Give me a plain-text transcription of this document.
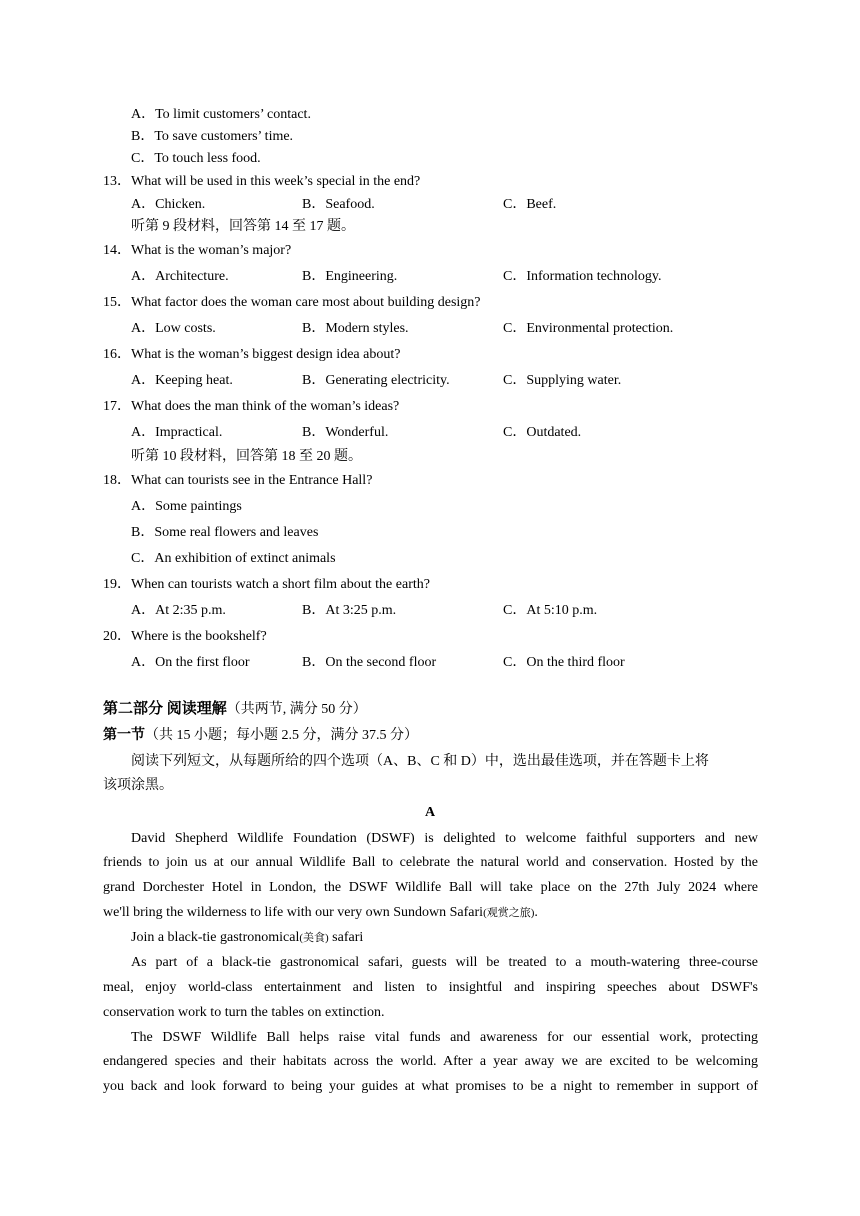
A．To limit customers’ contact.
B．To save customers’ time.
C．To touch less food.
13．What will be used in this week’s special in the end?
A．Chicken.	B．Seafood.	C．Beef.
听第 9 段材料，回答第 14 至 17 题。
14．What is the woman’s major?
A．Architecture.	B．Engineering.	C．Information technology.
15．What factor does the woman care most about building design?
A．Low costs.	B．Modern styles.	C．Environmental protection.
16．What is the woman’s biggest design idea about?
A．Keeping heat.	B．Generating electricity.	C．Supplying water.
17．What does the man think of the woman’s ideas?
A．Impractical.	B．Wonderful.	C．Outdated.
听第 10 段材料，回答第 18 至 20 题。
18．What can tourists see in the Entrance Hall?
A．Some paintings
B．Some real flowers and leaves
C．An exhibition of extinct animals
19．When can tourists watch a short film about the earth?
A．At 2:35 p.m.	B．At 3:25 p.m.	C．At 5:10 p.m.
20．Where is the bookshelf?
A．On the first floor	B．On the second floor	C．On the third floor
第二部分 阅读理解（共两节, 满分 50 分）
第一节（共 15 小题；每小题 2.5 分，满分 37.5 分）
阅读下列短文，从每题所给的四个选项（A、B、C 和 D）中，选出最佳选项，并在答题卡上将
该项涂黑。
A
David Shepherd Wildlife Foundation (DSWF) is delighted to welcome faithful supporters and new
friends to join us at our annual Wildlife Ball to celebrate the natural world and conservation. Hosted by the
grand Dorchester Hotel in London, the DSWF Wildlife Ball will take place on the 27th July 2024 where
we'll bring the wilderness to life with our very own Sundown Safari(观赏之旅).
Join a black-tie gastronomical(美食) safari
As part of a black-tie gastronomical safari, guests will be treated to a mouth-watering three-course
meal, enjoy world-class entertainment and listen to insightful and inspiring speeches about DSWF's
conservation work to turn the tables on extinction.
The DSWF Wildlife Ball helps raise vital funds and awareness for our essential work, protecting
endangered species and their habitats across the world. After a year away we are excited to be welcoming
you back and look forward to being your guides at what promises to be a night to remember in support of
